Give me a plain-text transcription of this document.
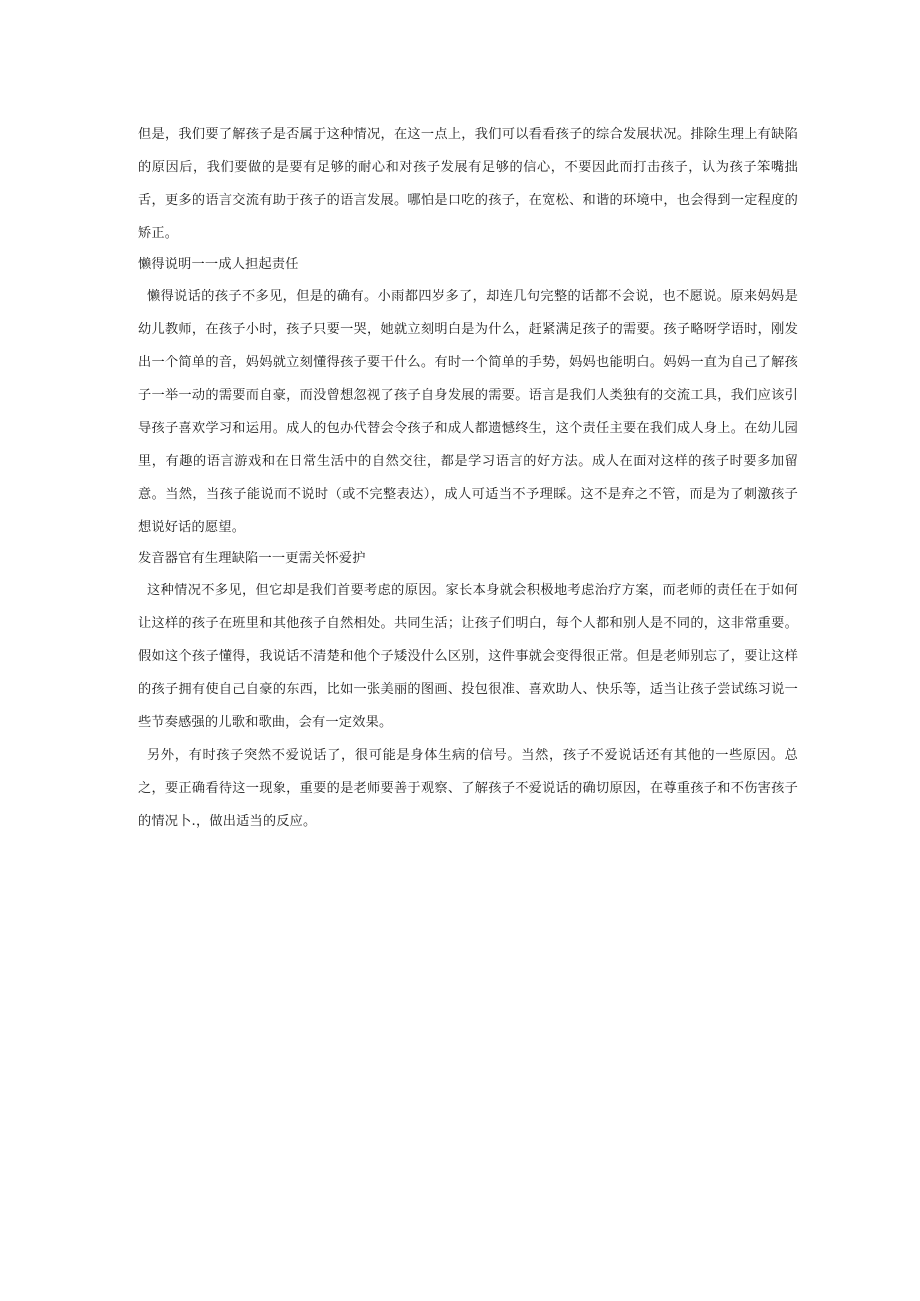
但是，我们要了解孩子是否属于这种情况，在这一点上，我们可以看看孩子的综合发展状况。排除生理上有缺陷的原因后，我们要做的是要有足够的耐心和对孩子发展有足够的信心，不要因此而打击孩子，认为孩子笨嘴拙舌，更多的语言交流有助于孩子的语言发展。哪怕是口吃的孩子，在宽松、和谐的环境中，也会得到一定程度的矫正。

懒得说明一一成人担起责任

懒得说话的孩子不多见，但是的确有。小雨都四岁多了，却连几句完整的话都不会说，也不愿说。原来妈妈是幼儿教师，在孩子小时，孩子只要一哭，她就立刻明白是为什么，赶紧满足孩子的需要。孩子略呀学语时，刚发出一个简单的音，妈妈就立刻懂得孩子要干什么。有时一个简单的手势，妈妈也能明白。妈妈一直为自己了解孩子一举一动的需要而自豪，而没曾想忽视了孩子自身发展的需要。语言是我们人类独有的交流工具，我们应该引导孩子喜欢学习和运用。成人的包办代替会令孩子和成人都遗憾终生，这个责任主要在我们成人身上。在幼儿园里，有趣的语言游戏和在日常生活中的自然交往，都是学习语言的好方法。成人在面对这样的孩子时要多加留意。当然，当孩子能说而不说时（或不完整表达），成人可适当不予理睬。这不是弃之不管，而是为了刺激孩子想说好话的愿望。

发音器官有生理缺陷一一更需关怀爱护

这种情况不多见，但它却是我们首要考虑的原因。家长本身就会积极地考虑治疗方案，而老师的责任在于如何让这样的孩子在班里和其他孩子自然相处。共同生活；让孩子们明白，每个人都和别人是不同的，这非常重要。假如这个孩子懂得，我说话不清楚和他个子矮没什么区别，这件事就会变得很正常。但是老师别忘了，要让这样的孩子拥有使自己自豪的东西，比如一张美丽的图画、投包很准、喜欢助人、快乐等，适当让孩子尝试练习说一些节奏感强的儿歌和歌曲，会有一定效果。

另外，有时孩子突然不爱说话了，很可能是身体生病的信号。当然，孩子不爱说话还有其他的一些原因。总之，要正确看待这一现象，重要的是老师要善于观察、了解孩子不爱说话的确切原因，在尊重孩子和不伤害孩子的情况卜.，做出适当的反应。
